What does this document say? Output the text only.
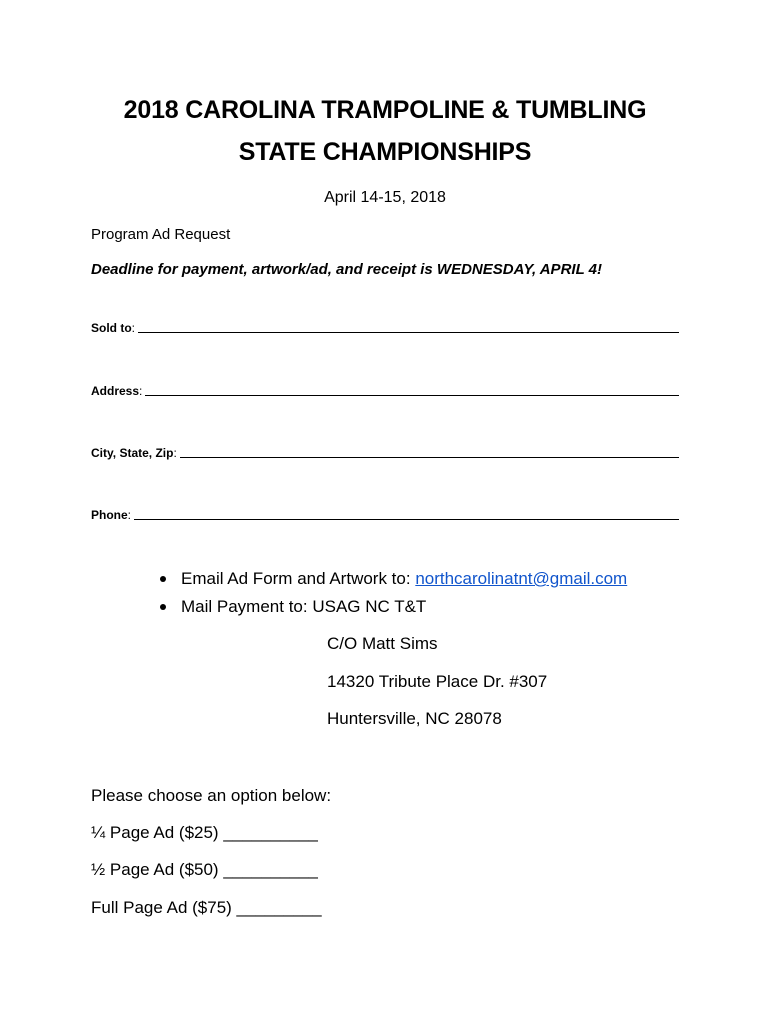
2018 CAROLINA TRAMPOLINE & TUMBLING
STATE CHAMPIONSHIPS
April 14-15, 2018
Program Ad Request
Deadline for payment, artwork/ad, and receipt is WEDNESDAY, APRIL 4!
Sold to :
Address :
City, State, Zip :
Phone :
Email Ad Form and Artwork to: northcarolinatnt@gmail.com
Mail Payment to: USAG NC T&T
C/O Matt Sims
14320 Tribute Place Dr. #307
Huntersville, NC 28078
Please choose an option below:
¼ Page Ad ($25) __________
½ Page Ad ($50) __________
Full Page Ad ($75) _________
